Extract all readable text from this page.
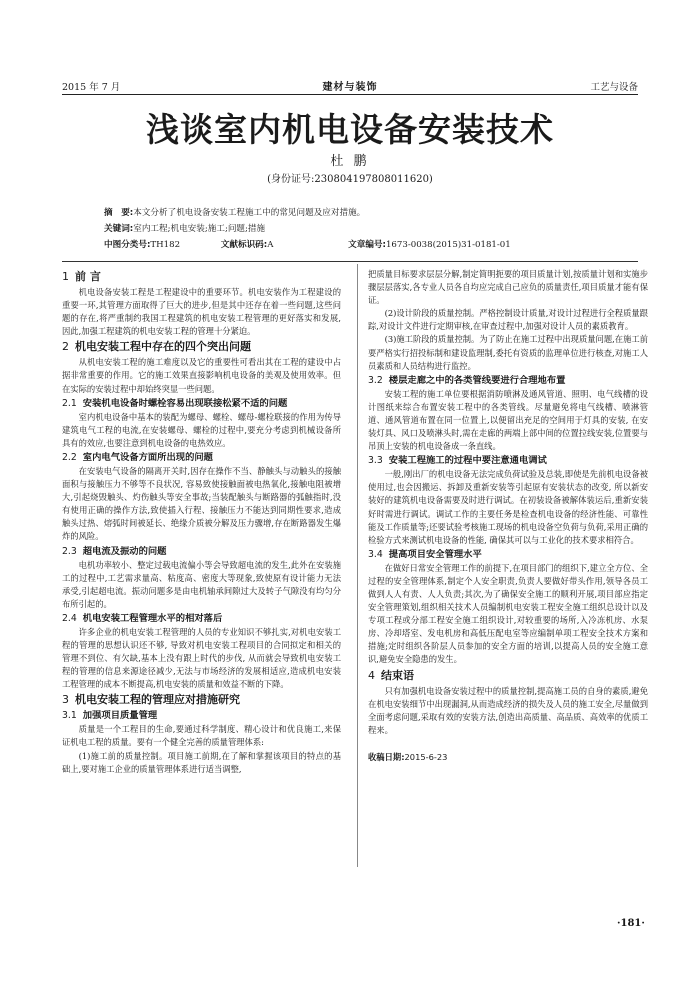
2015 年 7 月	建材与装饰	工艺与设备
浅谈室内机电设备安装技术
杜 鹏
(身份证号:230804197808011620)
摘　要:本文分析了机电设备安装工程施工中的常见问题及应对措施。
关键词:室内工程;机电安装;施工;问题;措施
中图分类号:TH182	文献标识码:A	文章编号:1673-0038(2015)31-0181-01
1 前 言

机电设备安装工程是工程建设中的重要环节。机电安装作为工程建设的重要一环,其管理方面取得了巨大的进步,但是其中还存在着一些问题,这些问题的存在,将严重制约我国工程建筑的机电安装工程管理的更好落实和发展,因此,加强工程建筑的机电安装工程的管理十分紧迫。

2 机电安装工程中存在的四个突出问题

从机电安装工程的施工难度以及它的重要性可看出其在工程的建设中占据非常重要的作用。它的施工效果直接影响机电设备的美观及使用效率。但在实际的安装过程中却始终突显一些问题。

2.1 安装机电设备时螺栓容易出现联接松紧不适的问题

室内机电设备中基本的装配为螺母、螺栓、螺母-螺栓联接的作用为传导建筑电气工程的电流,在安装螺母、螺栓的过程中,要充分考虑到机械设备所具有的效应,也要注意到机电设备的电热效应。

2.2 室内电气设备方面所出现的问题

在安装电气设备的隔离开关时,因存在操作不当、静触头与动触头的接触面积与接触压力不够等不良状况, 容易致使接触面被电热氧化,接触电阻被增大,引起烧毁触头、灼伤触头等安全事故;当装配触头与断路器的弧触指时,没有使用正确的操作方法,致使插入行程、接触压力不能达到同期性要求,造成触头过热、熔弧时间被延长、绝缘介质被分解及压力骤增,存在断路器发生爆炸的风险。

2.3 超电流及振动的问题

电机功率较小、整定过载电流偏小等会导致超电流的发生,此外在安装施工的过程中,工艺需求量高、粘度高、密度大等现象,致使原有设计能力无法承受,引起超电流。振动问题多是由电机轴承间隙过大及转子气隙没有均匀分布所引起的。

2.4 机电安装工程管理水平的相对落后

许多企业的机电安装工程管理的人员的专业知识不够扎实,对机电安装工程的管理的思想认识还不够, 导致对机电安装工程项目的合同拟定和相关的管理不到位、有欠缺,基本上没有跟上时代的步伐, 从而就会导致机电安装工程的管理的信息来源途径减少,无法与市场经济的发展相适应,造成机电安装工程管理的成本不断提高,机电安装的质量和效益不断的下降。

3 机电安装工程的管理应对措施研究
3.1 加强项目质量管理

质量是一个工程目的生命,要通过科学制度、精心设计和优良施工,来保证机电工程的质量。要有一个健全完善的质量管理体系:

(1)施工前的质量控制。项目施工前期,在了解和掌握该项目的特点的基础上,要对施工企业的质量管理体系进行适当调整,

把质量目标要求层层分解,制定简明扼要的项目质量计划,按质量计划和实施步骤层层落实,各专业人员各自均应完成自己应负的质量责任,项目质量才能有保证。

(2)设计阶段的质量控制。严格控制设计质量,对设计过程进行全程质量跟踪,对设计文件进行定期审核,在审查过程中,加强对设计人员的素质教育。

(3)施工阶段的质量控制。为了防止在施工过程中出现质量问题,在施工前要严格实行招投标制和建设监理制,委托有资质的监理单位进行核查,对施工人员素质和人员结构进行监控。

3.2 楼层走廊之中的各类管线要进行合理地布置

安装工程的施工单位要根据消防喷淋及通风管道、照明、电气线槽的设计图纸来综合布置安装工程中的各类管线。尽量避免将电气线槽、喷淋管道、通风管道布置在同一位置上,以便留出充足的空间用于灯具的安装, 在安装灯具、风口及喷淋头时,需在走廊的两端上部中间的位置拉线安装,位置要与吊顶上安装的机电设备成一条直线。

3.3 安装工程施工的过程中要注意通电调试

一般,刚出厂的机电设备无法完成负荷试验及总装,即使是先前机电设备被使用过,也会因搬运、拆卸及重新安装等引起原有安装状态的改变, 所以新安装好的建筑机电设备需要及时进行调试。在初装设备被解体装运后,重新安装好时需进行调试。调试工作的主要任务是检查机电设备的经济性能、可靠性能及工作质量等;还要试验考核施工现场的机电设备空负荷与负荷,采用正确的检验方式来测试机电设备的性能, 确保其可以与工业化的技术要求相符合。

3.4 提高项目安全管理水平

在做好日常安全管理工作的前提下,在项目部门的组织下,建立全方位、全过程的安全管理体系,制定个人安全职责,负责人要做好带头作用,领导各员工做到人人有责、人人负责;其次,为了确保安全施工的顺利开展,项目部应指定安全管理策划,组织相关技术人员编制机电安装工程安全施工组织总设计以及专项工程或分部工程安全施工组织设计,对较重要的场所,入冷冻机房、水泵房、冷却塔室、发电机房和高低压配电室等应编制单项工程安全技术方案和措施;定时组织各阶层人员参加的安全方面的培训,以提高人员的安全施工意识,避免安全隐患的发生。

4 结束语

只有加强机电设备安装过程中的质量控制,提高施工员的自身的素质,避免在机电安装细节中出现漏洞,从而造成经济的损失及人员的施工安全,尽量做到全面考虑问题,采取有效的安装方法,创造出高质量、高品质、高效率的优质工程来。

收稿日期:2015-6-23
·181·
